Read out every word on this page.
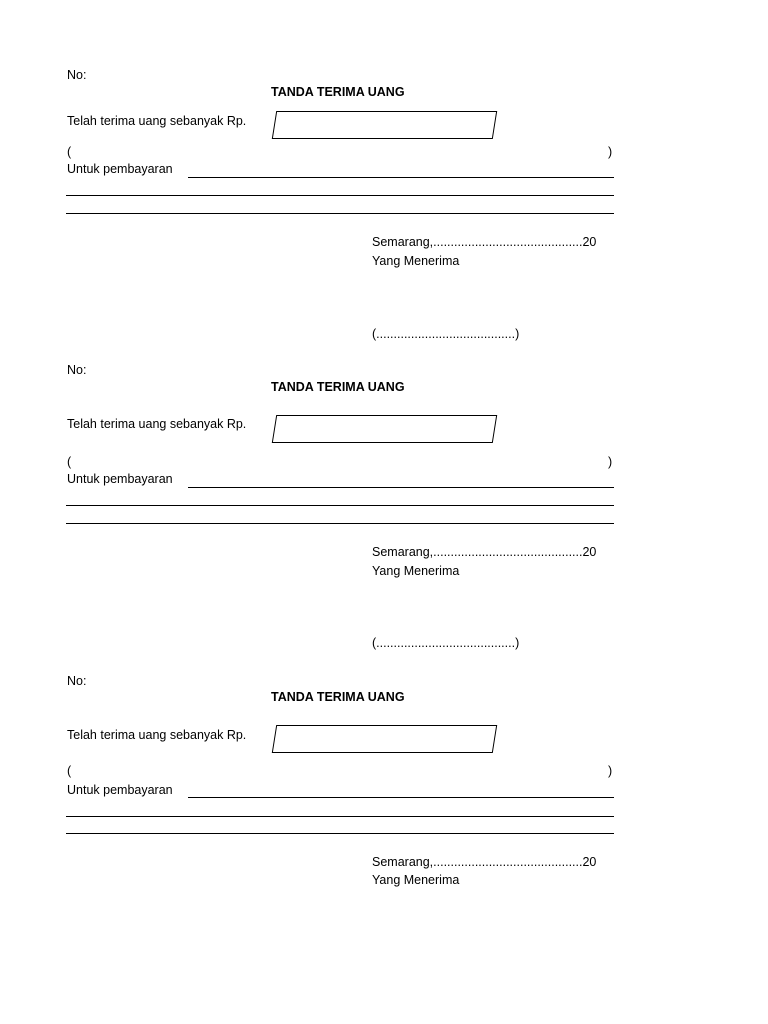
No:
TANDA TERIMA UANG
Telah terima uang sebanyak Rp.
(	)
Untuk pembayaran
Semarang,...........................................20
Yang Menerima
(........................................)
No:
TANDA TERIMA UANG
Telah terima uang sebanyak Rp.
(	)
Untuk pembayaran
Semarang,...........................................20
Yang Menerima
(........................................)
No:
TANDA TERIMA UANG
Telah terima uang sebanyak Rp.
(	)
Untuk pembayaran
Semarang,...........................................20
Yang Menerima
